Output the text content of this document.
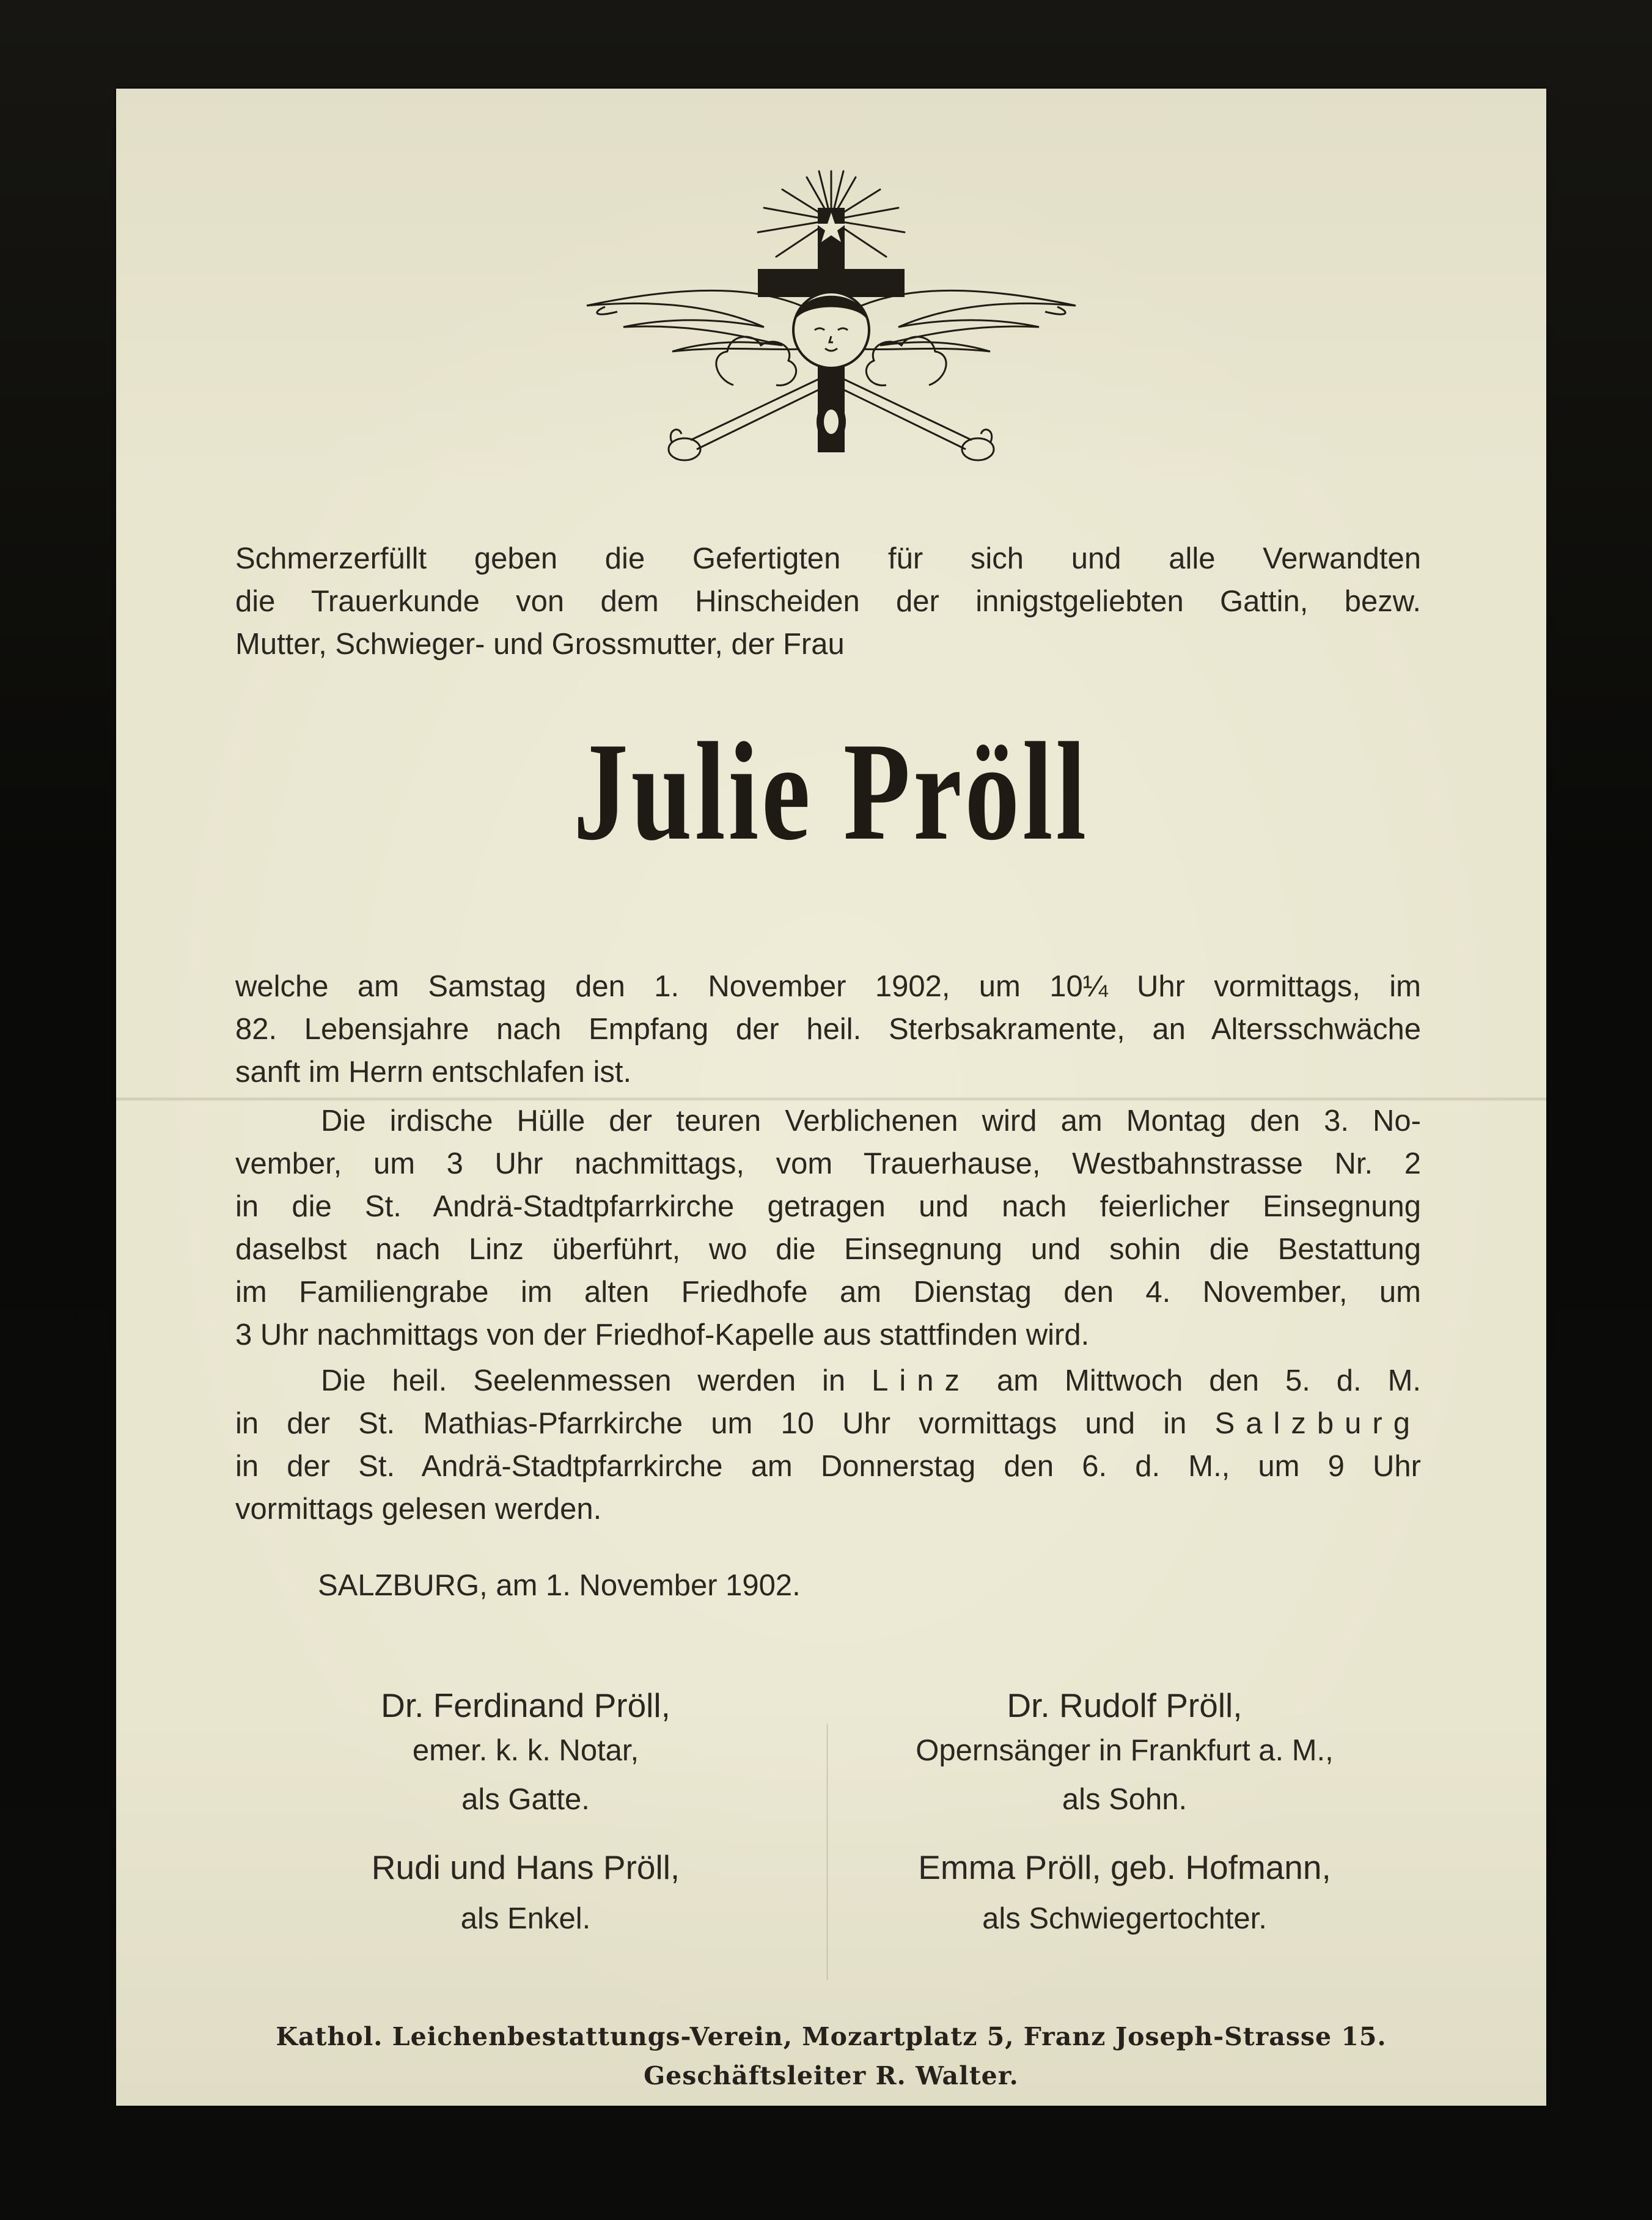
Schmerzerfüllt geben die Gefertigten für sich und alle Verwandten

die Trauerkunde von dem Hinscheiden der innigstgeliebten Gattin, bezw.

Mutter, Schwieger- und Grossmutter, der Frau

Julie Pröll

welche am Samstag den 1. November 1902, um 10¼ Uhr vormittags, im

82. Lebensjahre nach Empfang der heil. Sterbsakramente, an Altersschwäche

sanft im Herrn entschlafen ist.

Die irdische Hülle der teuren Verblichenen wird am Montag den 3. No-

vember, um 3 Uhr nachmittags, vom Trauerhause, Westbahnstrasse Nr. 2

in die St. Andrä-Stadtpfarrkirche getragen und nach feierlicher Einsegnung

daselbst nach Linz überführt, wo die Einsegnung und sohin die Bestattung

im Familiengrabe im alten Friedhofe am Dienstag den 4. November, um

3 Uhr nachmittags von der Friedhof-Kapelle aus stattfinden wird.

Die heil. Seelenmessen werden in Linz am Mittwoch den 5. d. M.

in der St. Mathias-Pfarrkirche um 10 Uhr vormittags und in Salzburg

in der St. Andrä-Stadtpfarrkirche am Donnerstag den 6. d. M., um 9 Uhr

vormittags gelesen werden.

SALZBURG, am 1. November 1902.

Dr. Ferdinand Pröll,
emer. k. k. Notar,
als Gatte.
Dr. Rudolf Pröll,
Opernsänger in Frankfurt a. M.,
als Sohn.
Rudi und Hans Pröll,
als Enkel.
Emma Pröll, geb. Hofmann,
als Schwiegertochter.
Kathol. Leichenbestattungs-Verein, Mozartplatz 5, Franz Joseph-Strasse 15.
Geschäftsleiter R. Walter.
